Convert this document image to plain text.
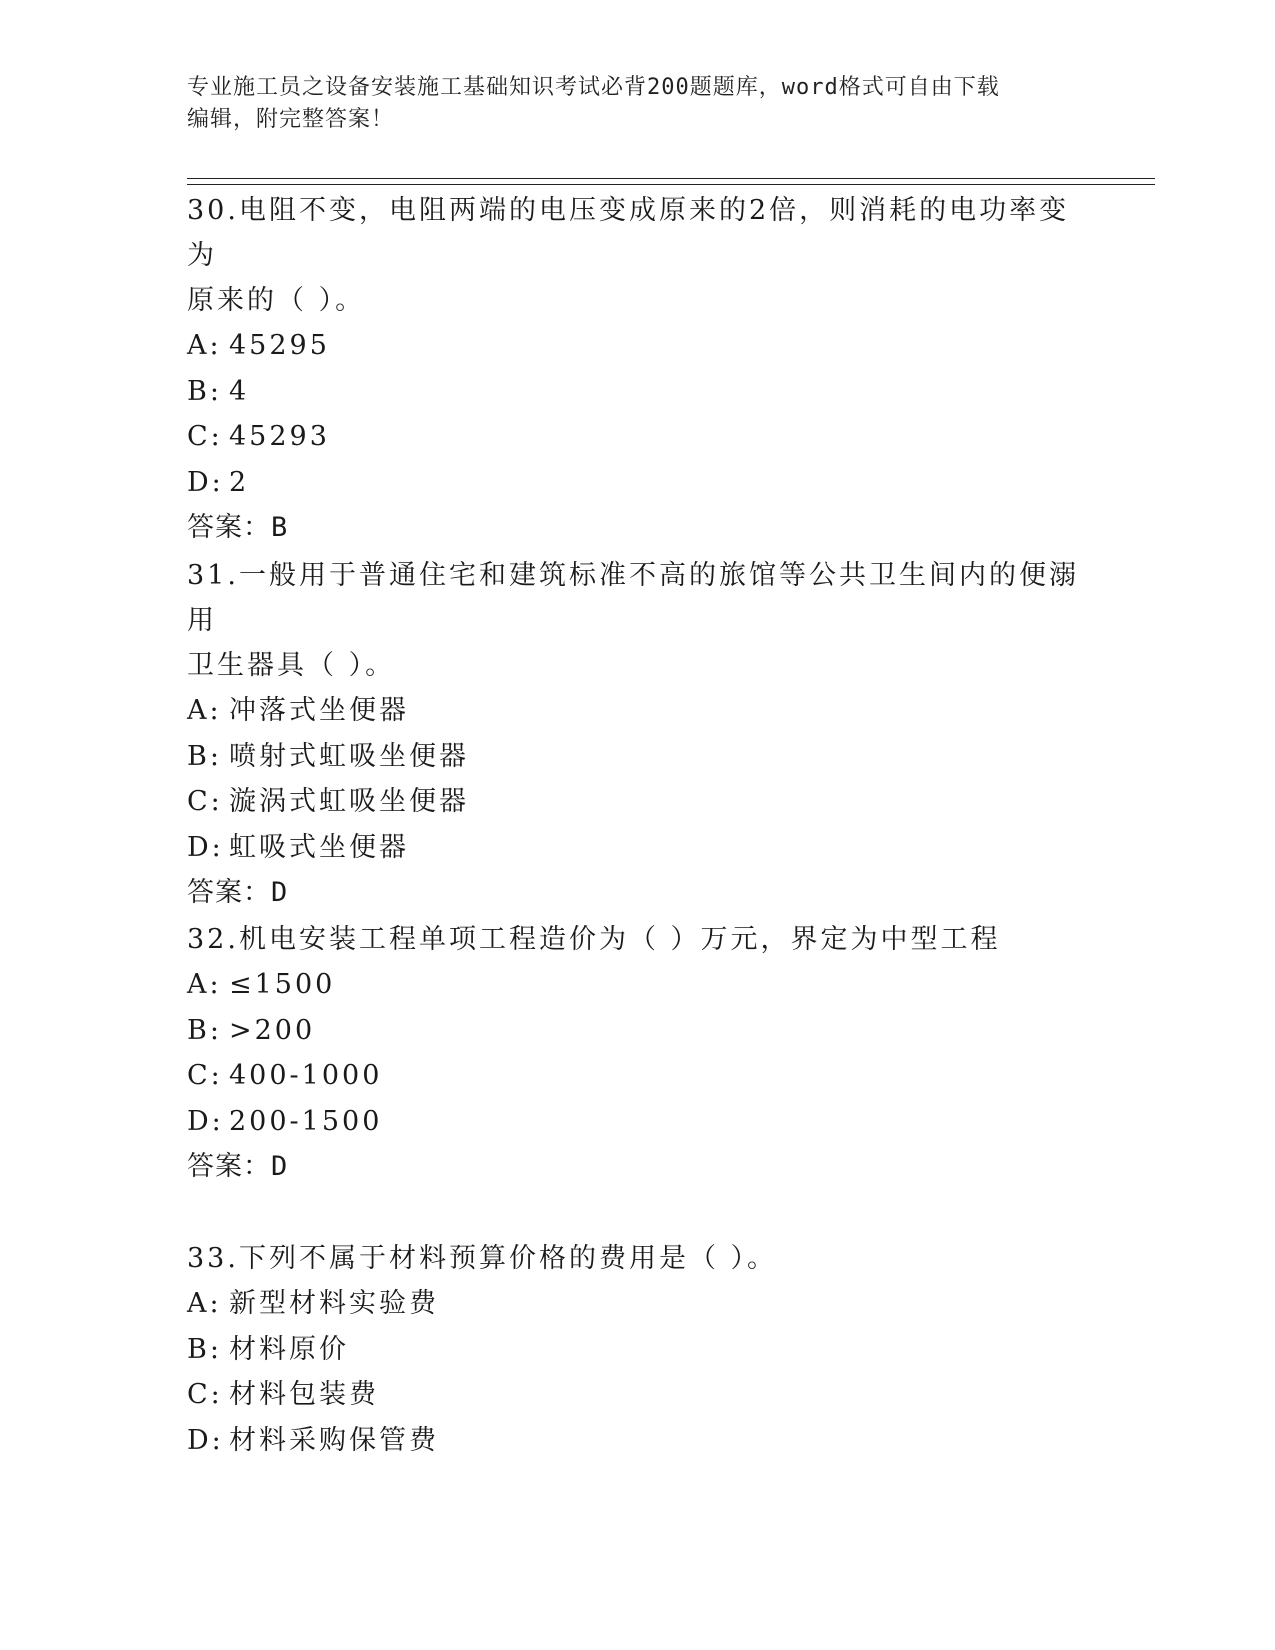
专业施工员之设备安装施工基础知识考试必背200题题库，word格式可自由下载
编辑，附完整答案！

30.电阻不变，电阻两端的电压变成原来的2倍，则消耗的电功率变为

原来的（ ）。

A: 45295

B: 4

C: 45293

D: 2

答案：B

31.一般用于普通住宅和建筑标准不高的旅馆等公共卫生间内的便溺用

卫生器具（ ）。

A: 冲落式坐便器

B: 喷射式虹吸坐便器

C: 漩涡式虹吸坐便器

D: 虹吸式坐便器

答案：D

32.机电安装工程单项工程造价为（ ）万元，界定为中型工程

A: ≤1500

B: >200

C: 400-1000

D: 200-1500

答案：D

33.下列不属于材料预算价格的费用是（ ）。

A: 新型材料实验费

B: 材料原价

C: 材料包装费

D: 材料采购保管费
